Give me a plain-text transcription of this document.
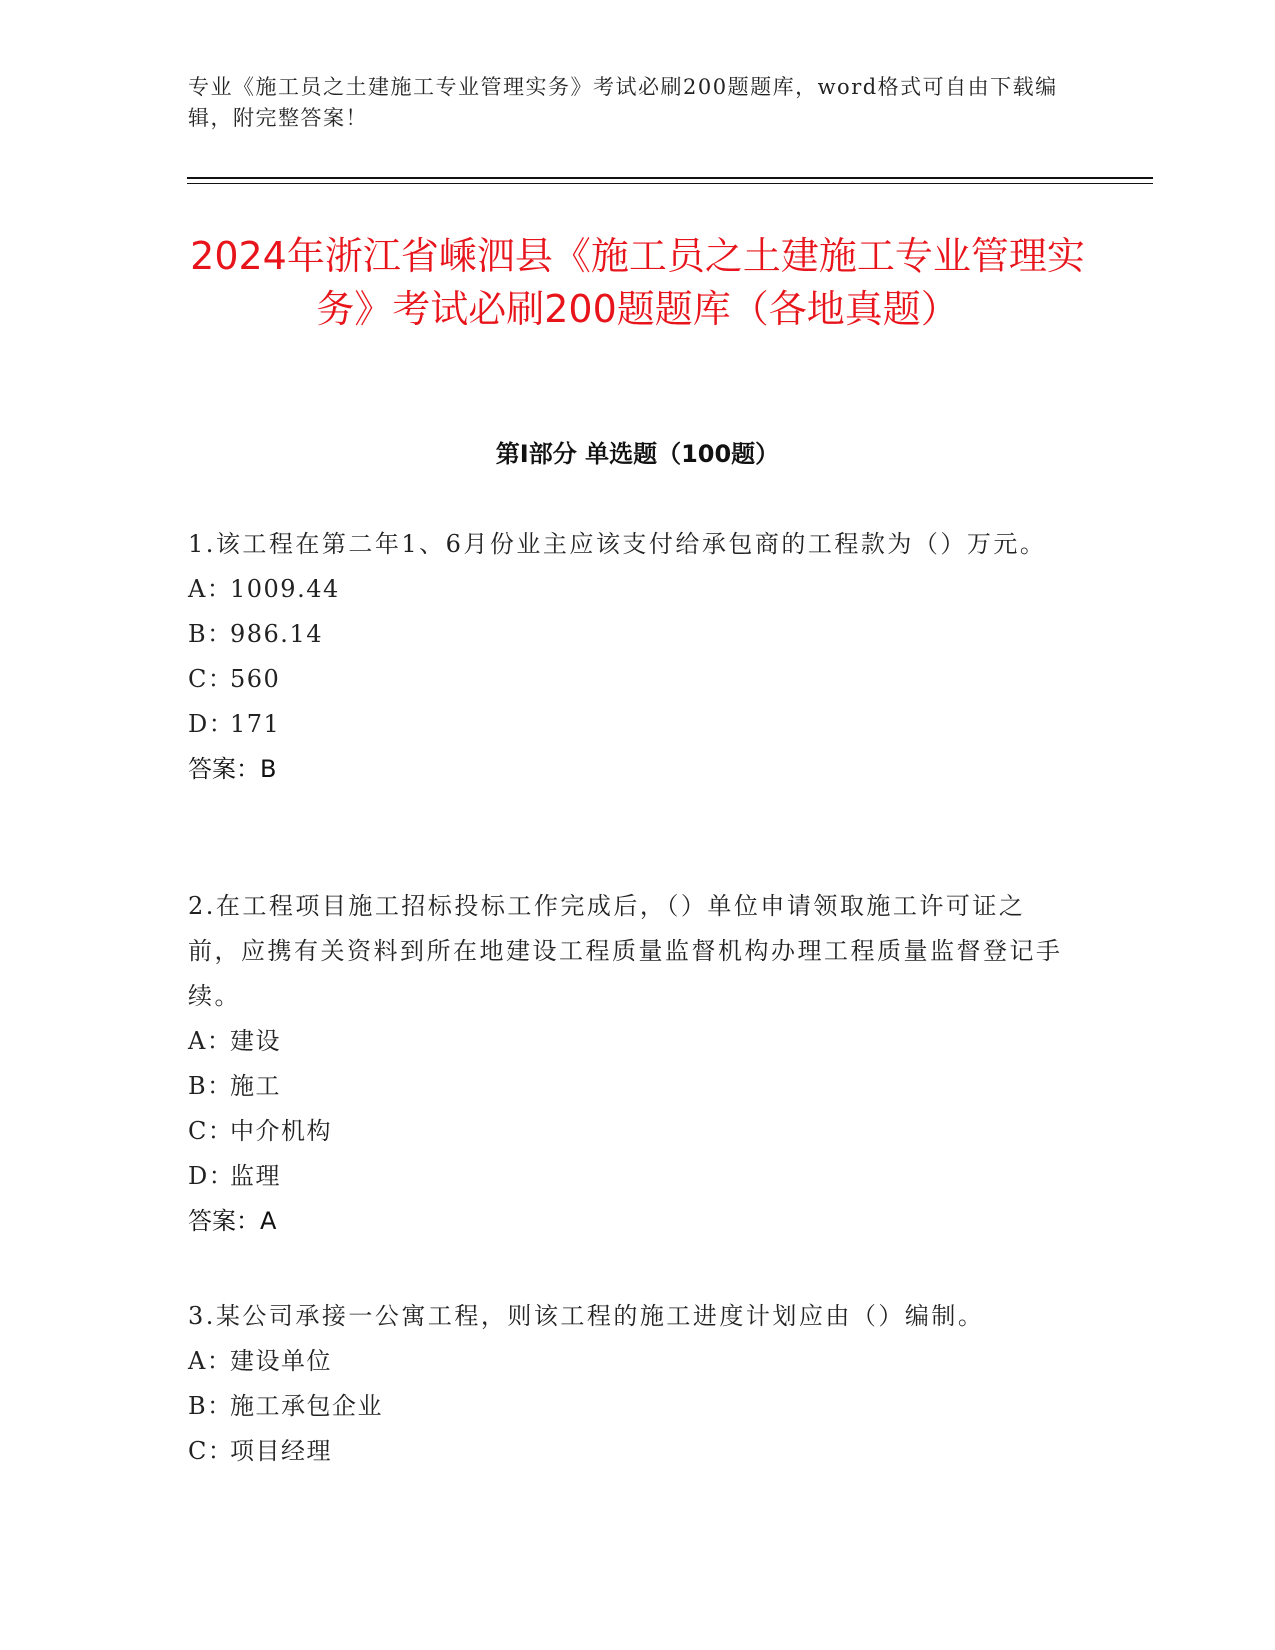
专业《施工员之土建施工专业管理实务》考试必刷200题题库，word格式可自由下载编辑，附完整答案！
2024年浙江省嵊泗县《施工员之土建施工专业管理实务》考试必刷200题题库（各地真题）
第I部分 单选题（100题）
1.该工程在第二年1、6月份业主应该支付给承包商的工程款为（）万元。
A：1009.44
B：986.14
C：560
D：171
答案：B
2.在工程项目施工招标投标工作完成后，（）单位申请领取施工许可证之前，应携有关资料到所在地建设工程质量监督机构办理工程质量监督登记手续。
A：建设
B：施工
C：中介机构
D：监理
答案：A
3.某公司承接一公寓工程，则该工程的施工进度计划应由（）编制。
A：建设单位
B：施工承包企业
C：项目经理
